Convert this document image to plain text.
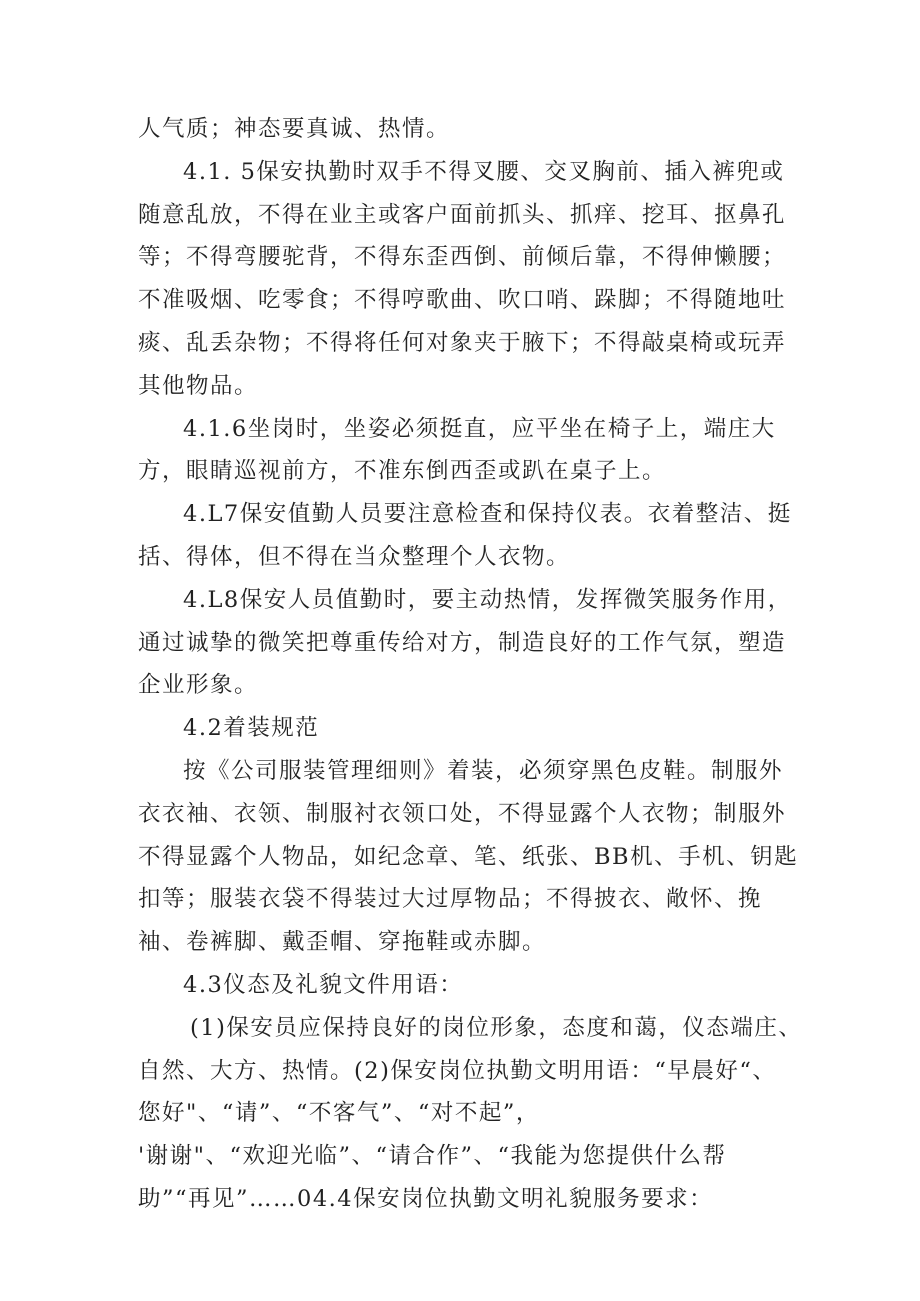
人气质；神态要真诚、热情。
4.1. 5保安执勤时双手不得叉腰、交叉胸前、插入裤兜或
随意乱放，不得在业主或客户面前抓头、抓痒、挖耳、抠鼻孔
等；不得弯腰驼背，不得东歪西倒、前倾后靠，不得伸懒腰；
不准吸烟、吃零食；不得哼歌曲、吹口哨、跺脚；不得随地吐
痰、乱丢杂物；不得将任何对象夹于腋下；不得敲桌椅或玩弄
其他物品。
4.1.6坐岗时，坐姿必须挺直，应平坐在椅子上，端庄大
方，眼睛巡视前方，不准东倒西歪或趴在桌子上。
4.L7保安值勤人员要注意检查和保持仪表。衣着整洁、挺
括、得体，但不得在当众整理个人衣物。
4.L8保安人员值勤时，要主动热情，发挥微笑服务作用，
通过诚挚的微笑把尊重传给对方，制造良好的工作气氛，塑造
企业形象。
4.2着装规范
按《公司服装管理细则》着装，必须穿黑色皮鞋。制服外
衣衣袖、衣领、制服衬衣领口处，不得显露个人衣物；制服外
不得显露个人物品，如纪念章、笔、纸张、BB机、手机、钥匙
扣等；服装衣袋不得装过大过厚物品；不得披衣、敞怀、挽
袖、卷裤脚、戴歪帽、穿拖鞋或赤脚。
4.3仪态及礼貌文件用语：
(1)保安员应保持良好的岗位形象，态度和蔼，仪态端庄、
自然、大方、热情。(2)保安岗位执勤文明用语：“早晨好“、
您好"、“请”、“不客气”、“对不起”，
'谢谢"、“欢迎光临”、“请合作”、“我能为您提供什么帮
助”“再见”……04.4保安岗位执勤文明礼貌服务要求：
